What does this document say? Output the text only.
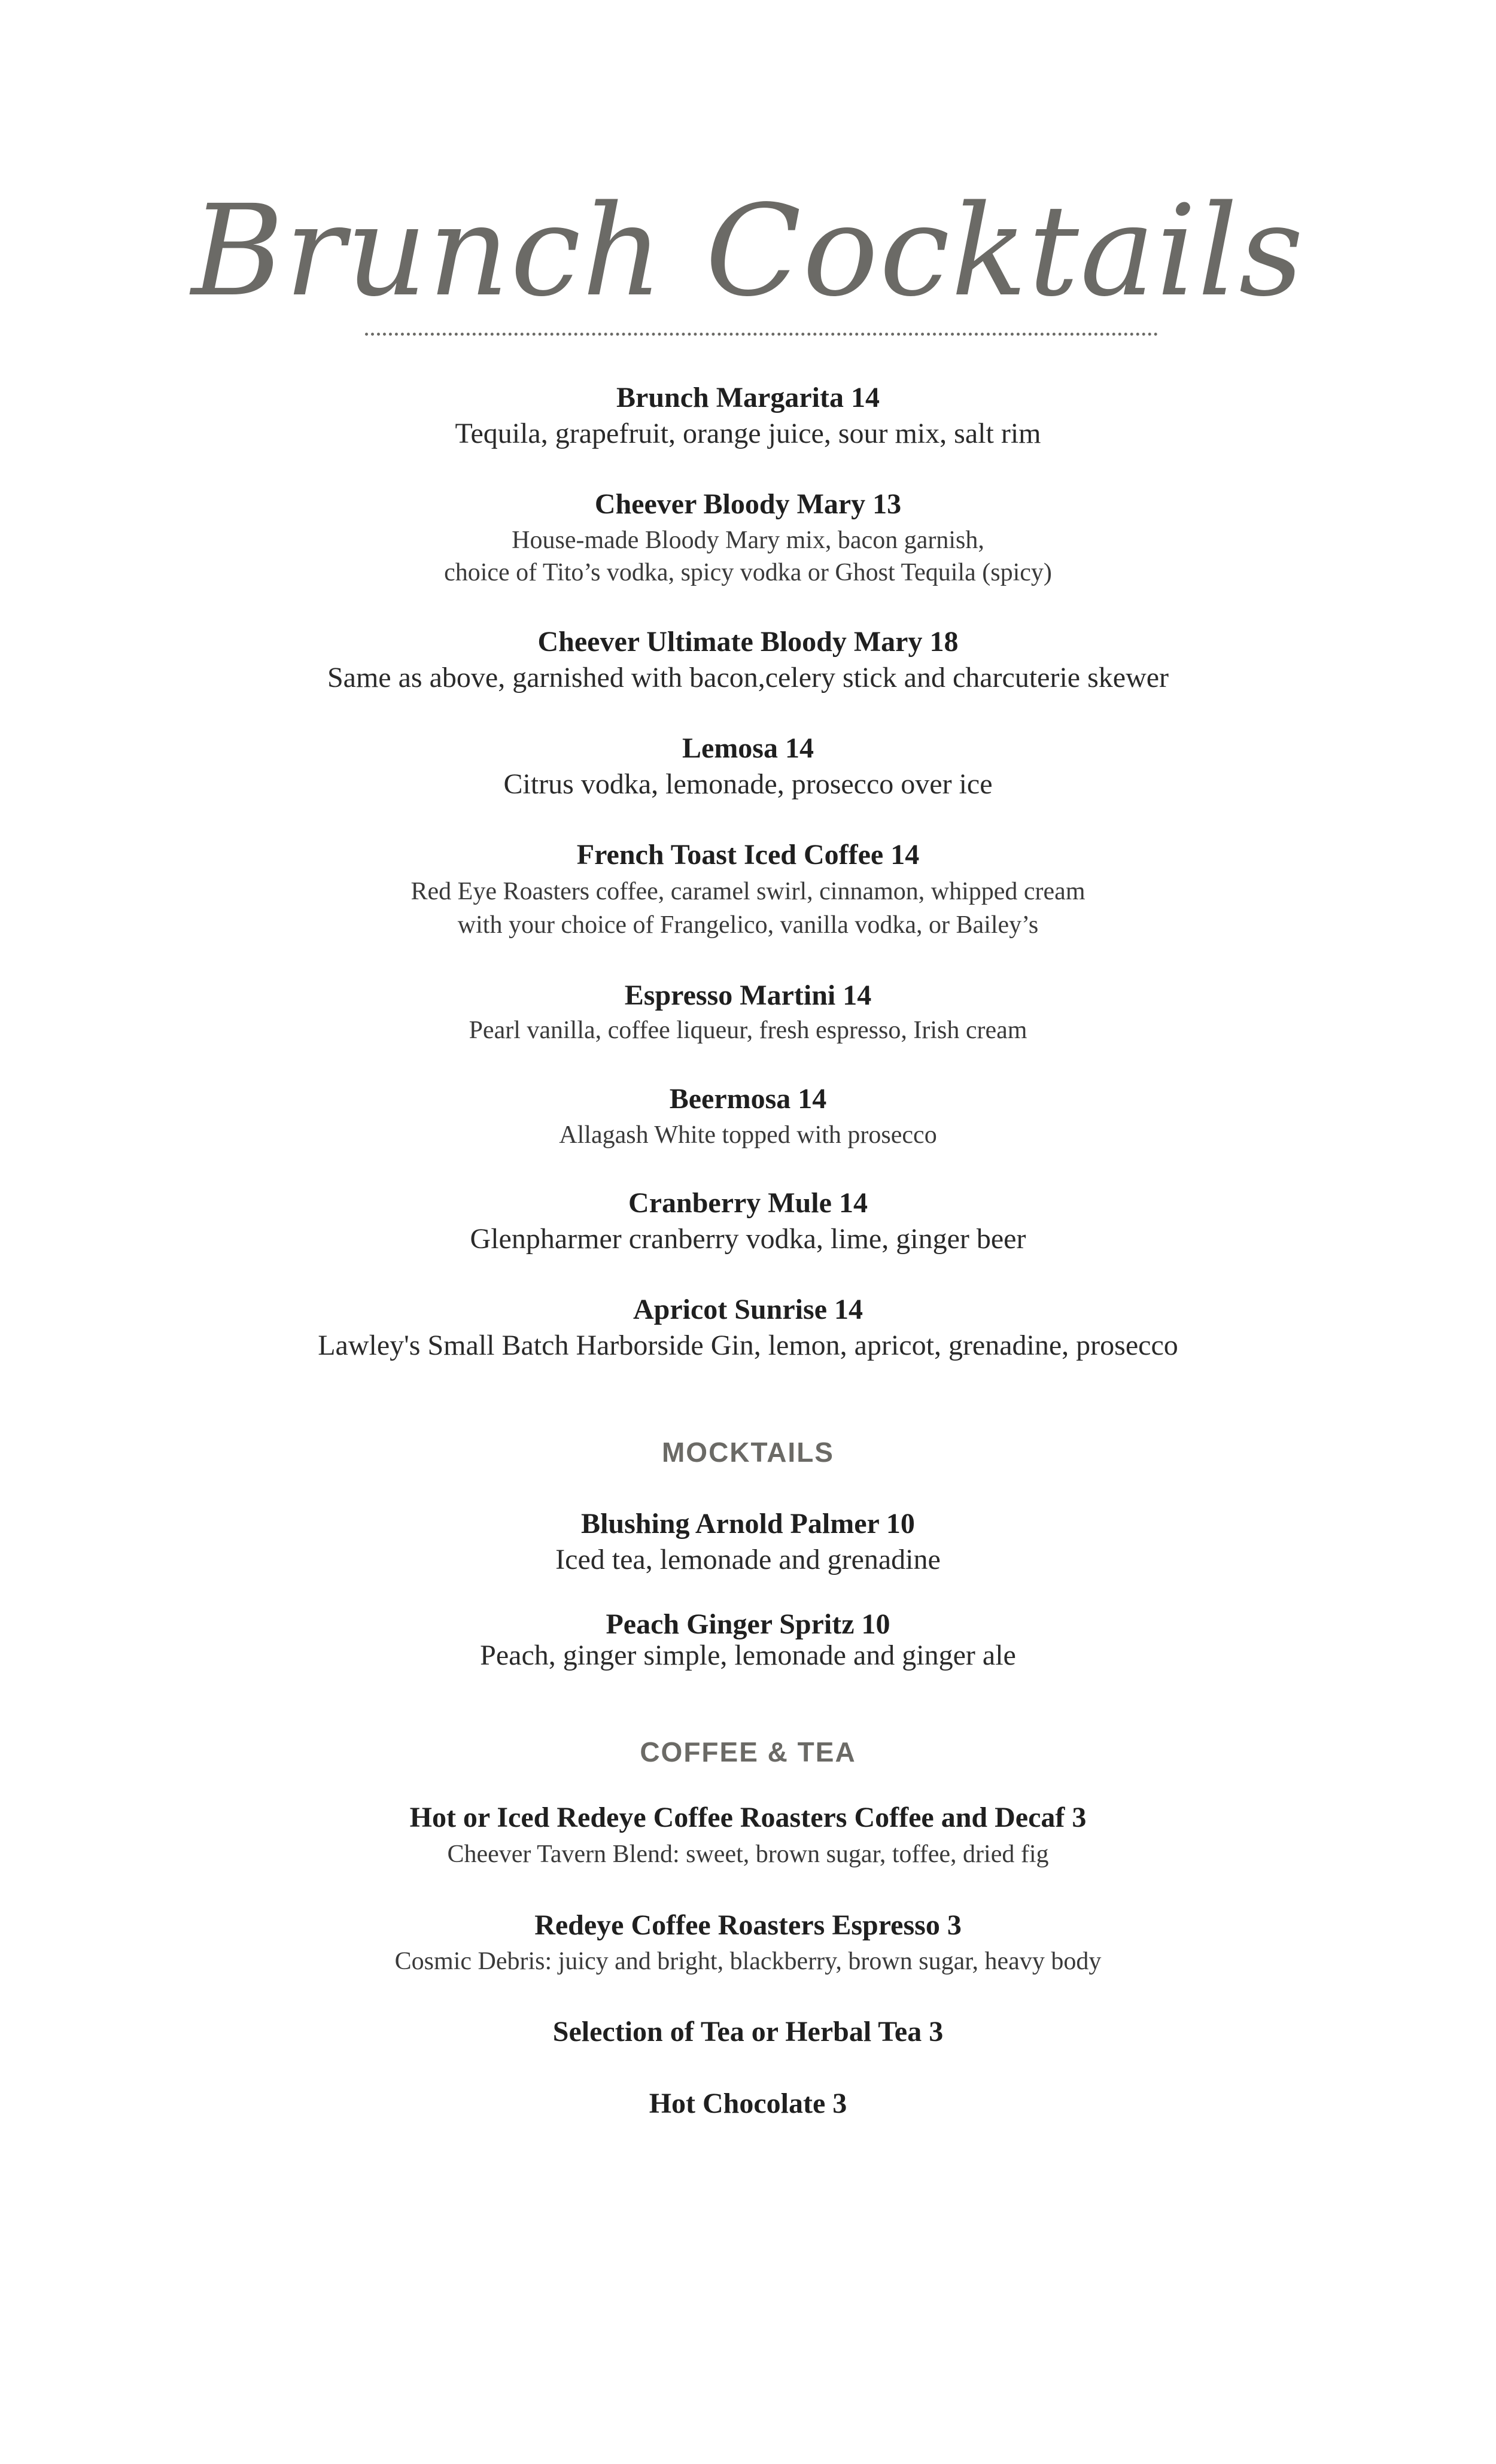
Brunch Cocktails
Brunch Margarita 14
Tequila, grapefruit, orange juice, sour mix, salt rim
Cheever Bloody Mary 13
House-made Bloody Mary mix, bacon garnish,
choice of Tito’s vodka, spicy vodka or Ghost Tequila (spicy)
Cheever Ultimate Bloody Mary 18
Same as above, garnished with bacon,celery stick and charcuterie skewer
Lemosa 14
Citrus vodka, lemonade, prosecco over ice
French Toast Iced Coffee 14
Red Eye Roasters coffee, caramel swirl, cinnamon, whipped cream
with your choice of Frangelico, vanilla vodka, or Bailey’s
Espresso Martini 14
Pearl vanilla, coffee liqueur, fresh espresso, Irish cream
Beermosa 14
Allagash White topped with prosecco
Cranberry Mule 14
Glenpharmer cranberry vodka, lime, ginger beer
Apricot Sunrise 14
Lawley's Small Batch Harborside Gin, lemon, apricot, grenadine, prosecco
MOCKTAILS
Blushing Arnold Palmer 10
Iced tea, lemonade and grenadine
Peach Ginger Spritz 10
Peach, ginger simple, lemonade and ginger ale
COFFEE & TEA
Hot or Iced Redeye Coffee Roasters Coffee and Decaf 3
Cheever Tavern Blend: sweet, brown sugar, toffee, dried fig
Redeye Coffee Roasters Espresso 3
Cosmic Debris: juicy and bright, blackberry, brown sugar, heavy body
Selection of Tea or Herbal Tea 3
Hot Chocolate 3
